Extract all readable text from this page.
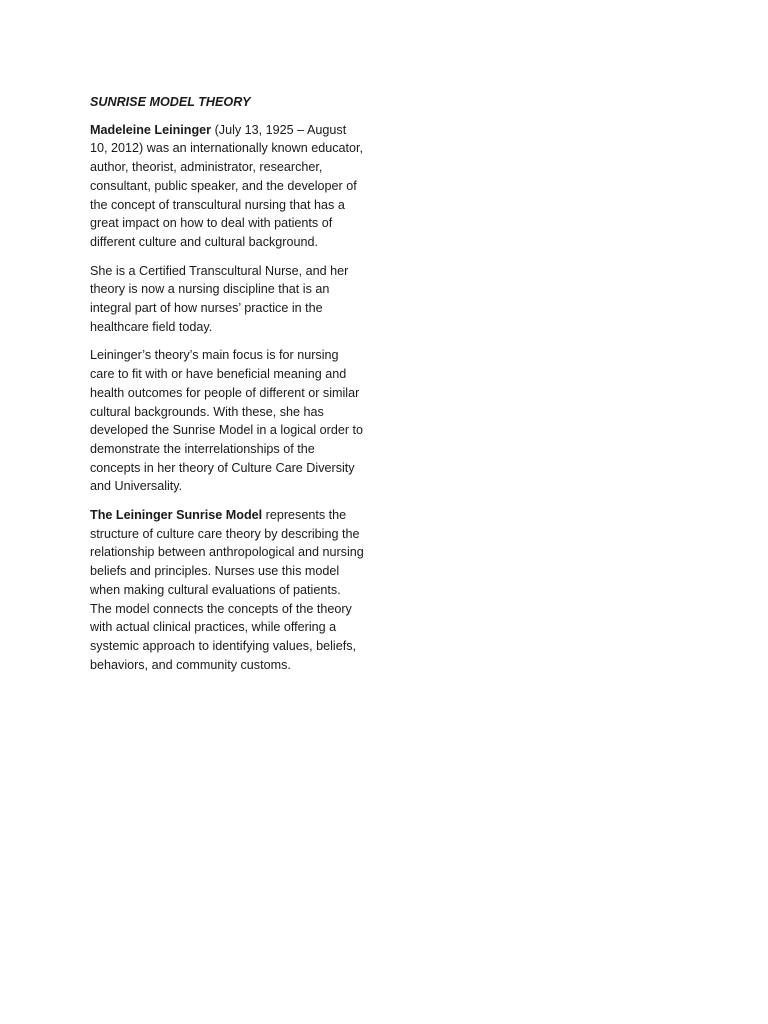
SUNRISE MODEL THEORY

Madeleine Leininger (July 13, 1925 – August 10, 2012) was an internationally known educator, author, theorist, administrator, researcher, consultant, public speaker, and the developer of the concept of transcultural nursing that has a great impact on how to deal with patients of different culture and cultural background.

She is a Certified Transcultural Nurse, and her theory is now a nursing discipline that is an integral part of how nurses’ practice in the healthcare field today.

Leininger’s theory’s main focus is for nursing care to fit with or have beneficial meaning and health outcomes for people of different or similar cultural backgrounds. With these, she has developed the Sunrise Model in a logical order to demonstrate the interrelationships of the concepts in her theory of Culture Care Diversity and Universality.

The Leininger Sunrise Model represents the structure of culture care theory by describing the relationship between anthropological and nursing beliefs and principles. Nurses use this model when making cultural evaluations of patients. The model connects the concepts of the theory with actual clinical practices, while offering a systemic approach to identifying values, beliefs, behaviors, and community customs.
